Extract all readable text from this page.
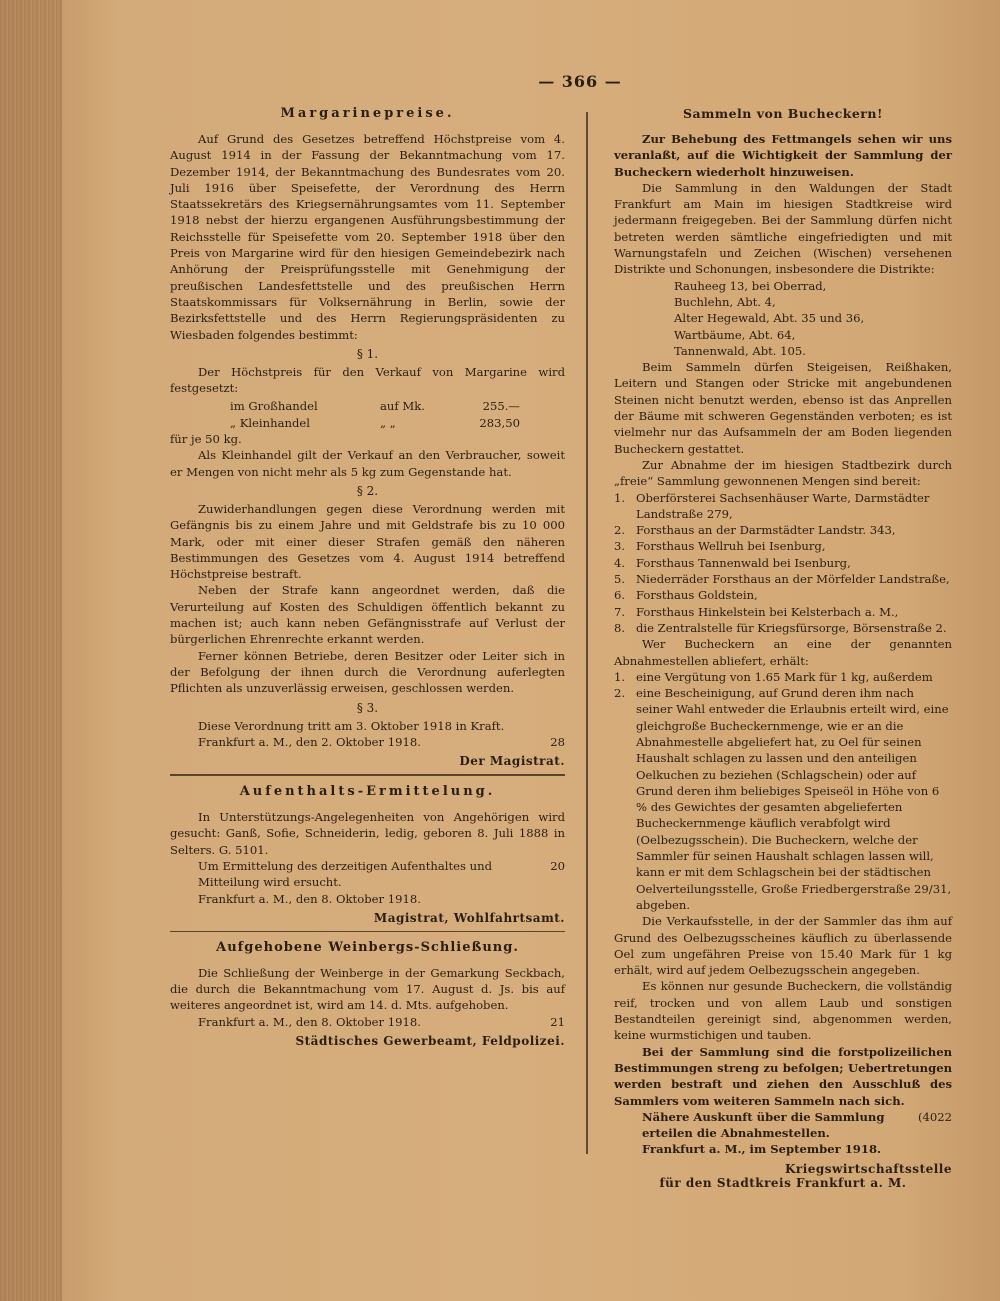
— 366 —
Margarinepreise.

Auf Grund des Gesetzes betreffend Höchstpreise vom 4. August 1914 in der Fassung der Bekanntmachung vom 17. Dezember 1914, der Bekanntmachung des Bundesrates vom 20. Juli 1916 über Speisefette, der Verordnung des Herrn Staatssekretärs des Kriegsernährungsamtes vom 11. September 1918 nebst der hierzu ergangenen Ausführungsbestimmung der Reichsstelle für Speisefette vom 20. September 1918 über den Preis von Margarine wird für den hiesigen Gemeindebezirk nach Anhörung der Preisprüfungsstelle mit Genehmigung der preußischen Landesfettstelle und des preußischen Herrn Staatskommissars für Volksernährung in Berlin, sowie der Bezirksfettstelle und des Herrn Regierungspräsidenten zu Wiesbaden folgendes bestimmt:

§ 1.

Der Höchstpreis für den Verkauf von Margarine wird festgesetzt:

im Großhandel	auf Mk.	255.—
„ Kleinhandel	„ „	283,50

für je 50 kg.

Als Kleinhandel gilt der Verkauf an den Verbraucher, soweit er Mengen von nicht mehr als 5 kg zum Gegenstande hat.

§ 2.

Zuwiderhandlungen gegen diese Verordnung werden mit Gefängnis bis zu einem Jahre und mit Geldstrafe bis zu 10 000 Mark, oder mit einer dieser Strafen gemäß den näheren Bestimmungen des Gesetzes vom 4. August 1914 betreffend Höchstpreise bestraft.

Neben der Strafe kann angeordnet werden, daß die Verurteilung auf Kosten des Schuldigen öffentlich bekannt zu machen ist; auch kann neben Gefängnisstrafe auf Verlust der bürgerlichen Ehrenrechte erkannt werden.

Ferner können Betriebe, deren Besitzer oder Leiter sich in der Befolgung der ihnen durch die Verordnung auferlegten Pflichten als unzuverlässig erweisen, geschlossen werden.

§ 3.

Diese Verordnung tritt am 3. Oktober 1918 in Kraft.

Frankfurt a. M., den 2. Oktober 1918.	28
Der Magistrat.
Aufenthalts-Ermittelung.

In Unterstützungs-Angelegenheiten von Angehörigen wird gesucht: Ganß, Sofie, Schneiderin, ledig, geboren 8. Juli 1888 in Selters. G. 5101.

Um Ermittelung des derzeitigen Aufenthaltes und Mitteilung wird ersucht.
20

Frankfurt a. M., den 8. Oktober 1918.

Magistrat, Wohlfahrtsamt.
Aufgehobene Weinbergs-Schließung.

Die Schließung der Weinberge in der Gemarkung Seckbach, die durch die Bekanntmachung vom 17. August d. Js. bis auf weiteres angeordnet ist, wird am 14. d. Mts. aufgehoben.

Frankfurt a. M., den 8. Oktober 1918.	21
Städtisches Gewerbeamt, Feldpolizei.
Sammeln von Bucheckern!

Zur Behebung des Fettmangels sehen wir uns veranlaßt, auf die Wichtigkeit der Sammlung der Bucheckern wiederholt hinzuweisen.

Die Sammlung in den Waldungen der Stadt Frankfurt am Main im hiesigen Stadtkreise wird jedermann freigegeben. Bei der Sammlung dürfen nicht betreten werden sämtliche eingefriedigten und mit Warnungstafeln und Zeichen (Wischen) versehenen Distrikte und Schonungen, insbesondere die Distrikte:

Rauheeg 13, bei Oberrad,
Buchlehn, Abt. 4,
Alter Hegewald, Abt. 35 und 36,
Wartbäume, Abt. 64,
Tannenwald, Abt. 105.

Beim Sammeln dürfen Steigeisen, Reißhaken, Leitern und Stangen oder Stricke mit angebundenen Steinen nicht benutzt werden, ebenso ist das Anprellen der Bäume mit schweren Gegenständen verboten; es ist vielmehr nur das Aufsammeln der am Boden liegenden Bucheckern gestattet.

Zur Abnahme der im hiesigen Stadtbezirk durch „freie“ Sammlung gewonnenen Mengen sind bereit:

1. Oberförsterei Sachsenhäuser Warte, Darmstädter Landstraße 279,
2. Forsthaus an der Darmstädter Landstr. 343,
3. Forsthaus Wellruh bei Isenburg,
4. Forsthaus Tannenwald bei Isenburg,
5. Niederräder Forsthaus an der Mörfelder Landstraße,
6. Forsthaus Goldstein,
7. Forsthaus Hinkelstein bei Kelsterbach a. M.,
8. die Zentralstelle für Kriegsfürsorge, Börsenstraße 2.

Wer Bucheckern an eine der genannten Abnahmestellen abliefert, erhält:

1. eine Vergütung von 1.65 Mark für 1 kg, außerdem
2. eine Bescheinigung, auf Grund deren ihm nach seiner Wahl entweder die Erlaubnis erteilt wird, eine gleichgroße Bucheckernmenge, wie er an die Abnahmestelle abgeliefert hat, zu Oel für seinen Haushalt schlagen zu lassen und den anteiligen Oelkuchen zu beziehen (Schlagschein) oder auf Grund deren ihm beliebiges Speiseöl in Höhe von 6 % des Gewichtes der gesamten abgelieferten Bucheckernmenge käuflich verabfolgt wird (Oelbezugsschein). Die Bucheckern, welche der Sammler für seinen Haushalt schlagen lassen will, kann er mit dem Schlagschein bei der städtischen Oelverteilungsstelle, Große Friedbergerstraße 29/31, abgeben.

Die Verkaufsstelle, in der der Sammler das ihm auf Grund des Oelbezugsscheines käuflich zu überlassende Oel zum ungefähren Preise von 15.40 Mark für 1 kg erhält, wird auf jedem Oelbezugsschein angegeben.

Es können nur gesunde Bucheckern, die vollständig reif, trocken und von allem Laub und sonstigen Bestandteilen gereinigt sind, abgenommen werden, keine wurmstichigen und tauben.

Bei der Sammlung sind die forstpolizeilichen Bestimmungen streng zu befolgen; Uebertretungen werden bestraft und ziehen den Ausschluß des Sammlers vom weiteren Sammeln nach sich.

Nähere Auskunft über die Sammlung erteilen die Abnahmestellen.
(4022
Frankfurt a. M., im September 1918.
Kriegswirtschaftsstelle
für den Stadtkreis Frankfurt a. M.
